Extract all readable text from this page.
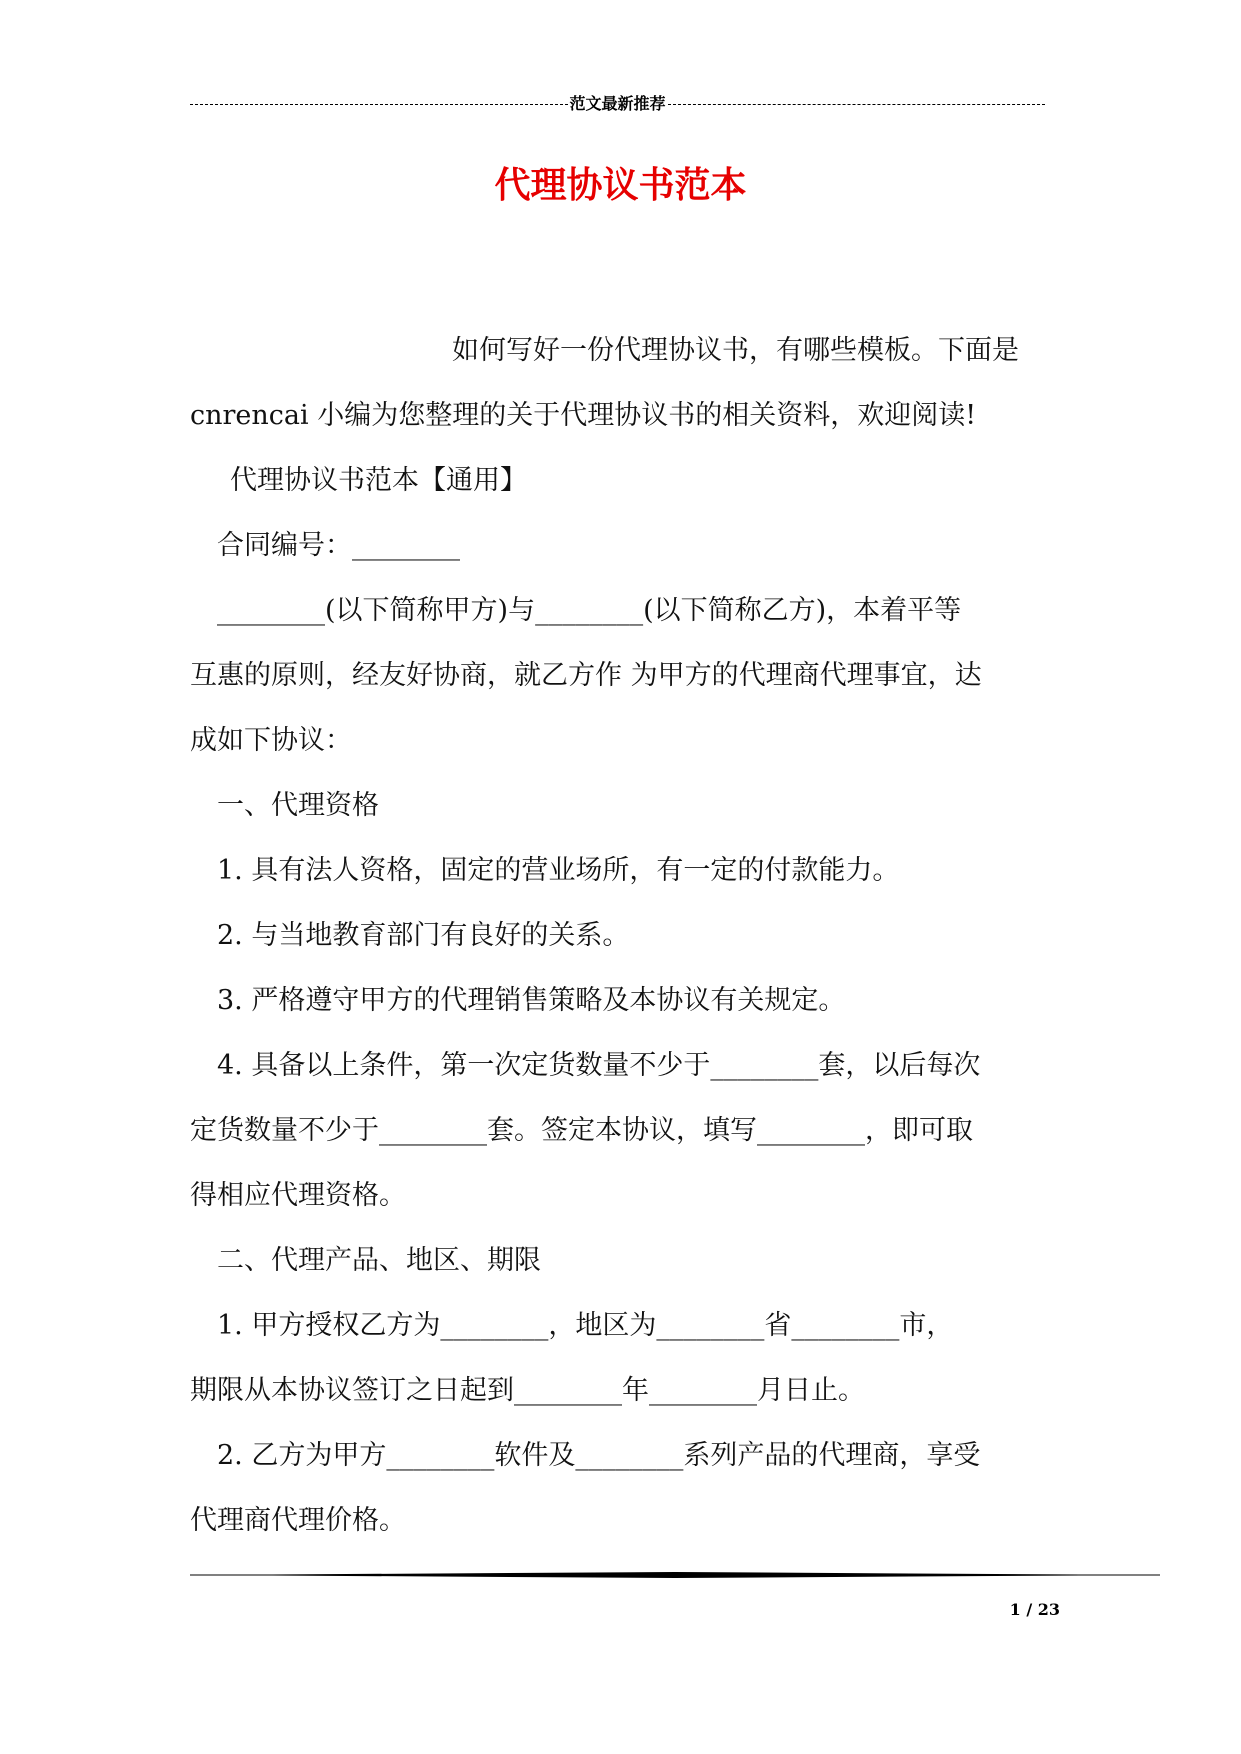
范文最新推荐
代理协议书范本

如何写好一份代理协议书，有哪些模板。下面是

cnrencai 小编为您整理的关于代理协议书的相关资料，欢迎阅读!

代理协议书范本【通用】

合同编号：________

________(以下简称甲方)与________(以下简称乙方)，本着平等

互惠的原则，经友好协商，就乙方作 为甲方的代理商代理事宜，达

成如下协议：

一、代理资格

1. 具有法人资格，固定的营业场所，有一定的付款能力。

2. 与当地教育部门有良好的关系。

3. 严格遵守甲方的代理销售策略及本协议有关规定。

4. 具备以上条件，第一次定货数量不少于________套，以后每次

定货数量不少于________套。签定本协议，填写________，即可取

得相应代理资格。

二、代理产品、地区、期限

1. 甲方授权乙方为________，地区为________省________市，

期限从本协议签订之日起到________年________月日止。

2. 乙方为甲方________软件及________系列产品的代理商，享受

代理商代理价格。

1 / 23
